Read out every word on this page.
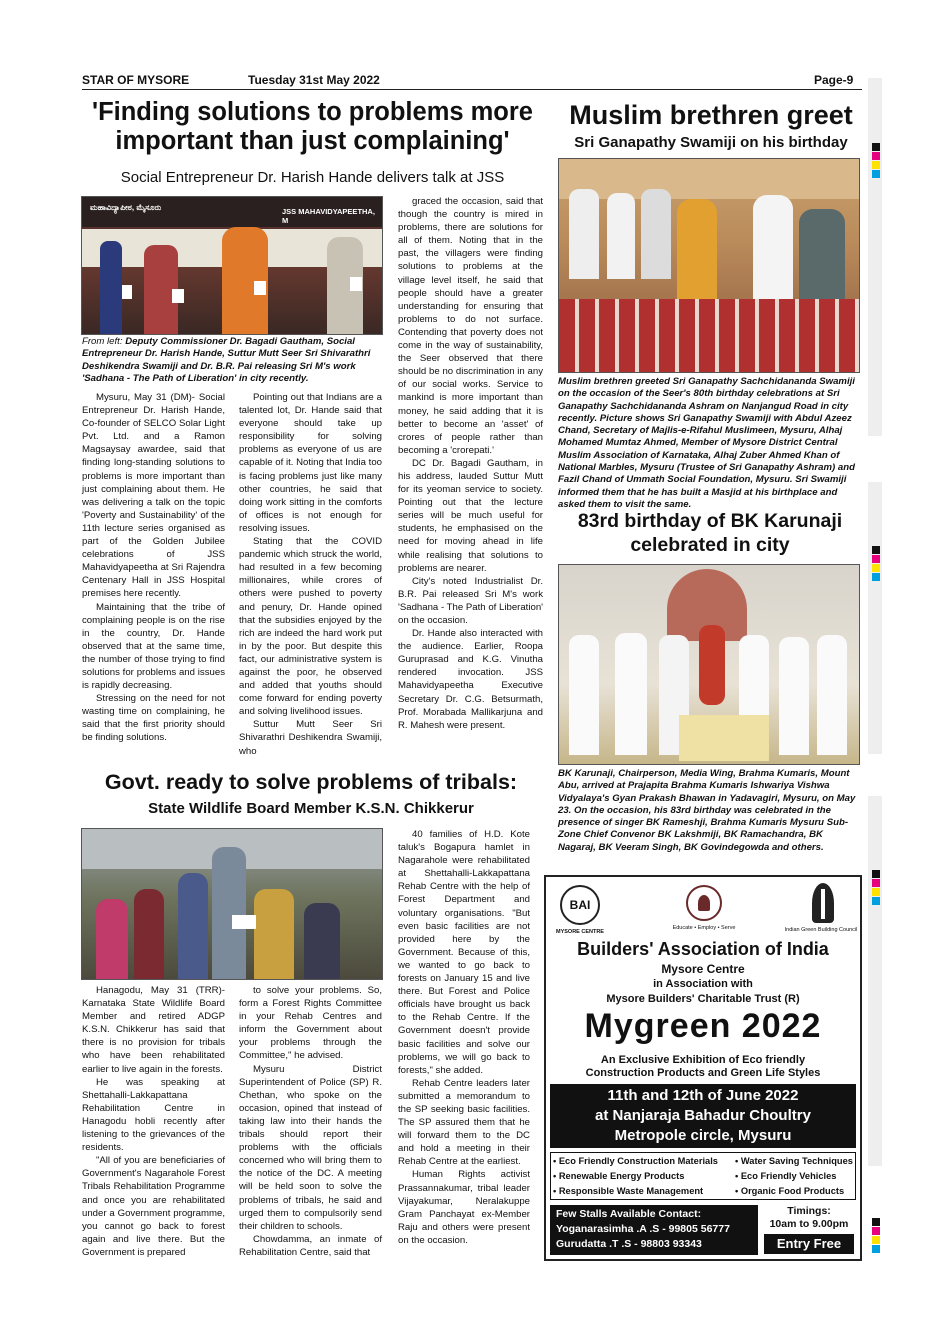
STAR OF MYSORE	Tuesday 31st May 2022	Page-9
'Finding solutions to problems more
important than just complaining'
Social Entrepreneur Dr. Harish Hande delivers talk at JSS
ಮಹಾವಿದ್ಯಾಪೀಠ, ಮೈಸೂರು	JSS MAHAVIDYAPEETHA, M
From left: Deputy Commissioner Dr. Bagadi Gautham, Social Entrepreneur Dr. Harish Hande, Suttur Mutt Seer Sri Shivarathri Deshikendra Swamiji and Dr. B.R. Pai releasing Sri M's work 'Sadhana - The Path of Liberation' in city recently.

Mysuru, May 31 (DM)- Social Entrepreneur Dr. Harish Hande, Co-founder of SELCO Solar Light Pvt. Ltd. and a Ramon Magsaysay awardee, said that finding long-standing solutions to problems is more important than just complaining about them. He was delivering a talk on the topic 'Poverty and Sustainability' of the 11th lecture series organised as part of the Golden Jubilee celebrations of JSS Mahavidyapeetha at Sri Rajendra Centenary Hall in JSS Hospital premises here recently.

Maintaining that the tribe of complaining people is on the rise in the country, Dr. Hande observed that at the same time, the number of those trying to find solutions for problems and issues is rapidly decreasing.

Stressing on the need for not wasting time on complaining, he said that the first priority should be finding solutions.

Pointing out that Indians are a talented lot, Dr. Hande said that everyone should take up responsibility for solving problems as everyone of us are capable of it. Noting that India too is facing problems just like many other countries, he said that doing work sitting in the comforts of offices is not enough for resolving issues.

Stating that the COVID pandemic which struck the world, had resulted in a few becoming millionaires, while crores of others were pushed to poverty and penury, Dr. Hande opined that the subsidies enjoyed by the rich are indeed the hard work put in by the poor. But despite this fact, our administrative system is against the poor, he observed and added that youths should come forward for ending poverty and solving livelihood issues.

Suttur Mutt Seer Sri Shivarathri Deshikendra Swamiji, who

graced the occasion, said that though the country is mired in problems, there are solutions for all of them. Noting that in the past, the villagers were finding solutions to problems at the village level itself, he said that people should have a greater understanding for ensuring that problems to do not surface. Contending that poverty does not come in the way of sustainability, the Seer observed that there should be no discrimination in any of our social works. Service to mankind is more important than money, he said adding that it is better to become an 'asset' of crores of people rather than becoming a 'crorepati.'

DC Dr. Bagadi Gautham, in his address, lauded Suttur Mutt for its yeoman service to society. Pointing out that the lecture series will be much useful for students, he emphasised on the need for moving ahead in life while realising that solutions to problems are nearer.

City's noted Industrialist Dr. B.R. Pai released Sri M's work 'Sadhana - The Path of Liberation' on the occasion.

Dr. Hande also interacted with the audience. Earlier, Roopa Guruprasad and K.G. Vinutha rendered invocation. JSS Mahavidyapeetha Executive Secretary Dr. C.G. Betsurmath, Prof. Morabada Mallikarjuna and R. Mahesh were present.

Muslim brethren greet
Sri Ganapathy Swamiji on his birthday
Muslim brethren greeted Sri Ganapathy Sachchidananda Swamiji on the occasion of the Seer's 80th birthday celebrations at Sri Ganapathy Sachchidananda Ashram on Nanjangud Road in city recently. Picture shows Sri Ganapathy Swamiji with Abdul Azeez Chand, Secretary of Majlis-e-Rifahul Muslimeen, Mysuru, Alhaj Mohamed Mumtaz Ahmed, Member of Mysore District Central Muslim Association of Karnataka, Alhaj Zuber Ahmed Khan of National Marbles, Mysuru (Trustee of Sri Ganapathy Ashram) and Fazil Chand of Ummath Social Foundation, Mysuru. Sri Swamiji informed them that he has built a Masjid at his birthplace and asked them to visit the same.
83rd birthday of BK Karunaji
celebrated in city
BK Karunaji, Chairperson, Media Wing, Brahma Kumaris, Mount Abu, arrived at Prajapita Brahma Kumaris Ishwariya Vishwa Vidyalaya's Gyan Prakash Bhawan in Yadavagiri, Mysuru, on May 23. On the occasion, his 83rd birthday was celebrated in the presence of singer BK Rameshji, Brahma Kumaris Mysuru Sub-Zone Chief Convenor BK Lakshmiji, BK Ramachandra, BK Nagaraj, BK Veeram Singh, BK Govindegowda and others.
Govt. ready to solve problems of tribals:
State Wildlife Board Member K.S.N. Chikkerur

Hanagodu, May 31 (TRR)- Karnataka State Wildlife Board Member and retired ADGP K.S.N. Chikkerur has said that there is no provision for tribals who have been rehabilitated earlier to live again in the forests.

He was speaking at Shettahalli-Lakkapattana Rehabilitation Centre in Hanagodu hobli recently after listening to the grievances of the residents.

"All of you are beneficiaries of Government's Nagarahole Forest Tribals Rehabilitation Programme and once you are rehabilitated under a Government programme, you cannot go back to forest again and live there. But the Government is prepared

to solve your problems. So, form a Forest Rights Committee in your Rehab Centres and inform the Government about your problems through the Committee," he advised.

Mysuru District Superintendent of Police (SP) R. Chethan, who spoke on the occasion, opined that instead of taking law into their hands the tribals should report their problems with the officials concerned who will bring them to the notice of the DC. A meeting will be held soon to solve the problems of tribals, he said and urged them to compulsorily send their children to schools.

Chowdamma, an inmate of Rehabilitation Centre, said that

40 families of H.D. Kote taluk's Bogapura hamlet in Nagarahole were rehabilitated at Shettahalli-Lakkapattana Rehab Centre with the help of Forest Department and voluntary organisations. "But even basic facilities are not provided here by the Government. Because of this, we wanted to go back to forests on January 15 and live there. But Forest and Police officials have brought us back to the Rehab Centre. If the Government doesn't provide basic facilities and solve our problems, we will go back to forests," she added.

Rehab Centre leaders later submitted a memorandum to the SP seeking basic facilities. The SP assured them that he will forward them to the DC and hold a meeting in their Rehab Centre at the earliest.

Human Rights activist Prassannakumar, tribal leader Vijayakumar, Neralakuppe Gram Panchayat ex-Member Raju and others were present on the occasion.

BAI
MYSORE CENTRE
Educate • Employ • Serve	Indian Green Building Council
Builders' Association of India
Mysore Centre
in Association with
Mysore Builders' Charitable Trust (R)
Mygreen 2022
An Exclusive Exhibition of Eco friendly
Construction Products and Green Life Styles
11th and 12th of June 2022
at Nanjaraja Bahadur Choultry
Metropole circle, Mysuru
• Eco Friendly Construction Materials	• Water Saving Techniques
• Renewable Energy Products	• Eco Friendly Vehicles
• Responsible Waste Management	• Organic Food Products
Few Stalls Available Contact:
Yoganarasimha .A .S - 99805 56777
Gurudatta .T .S - 98803 93343
Timings:
10am to 9.00pm
Entry Free
